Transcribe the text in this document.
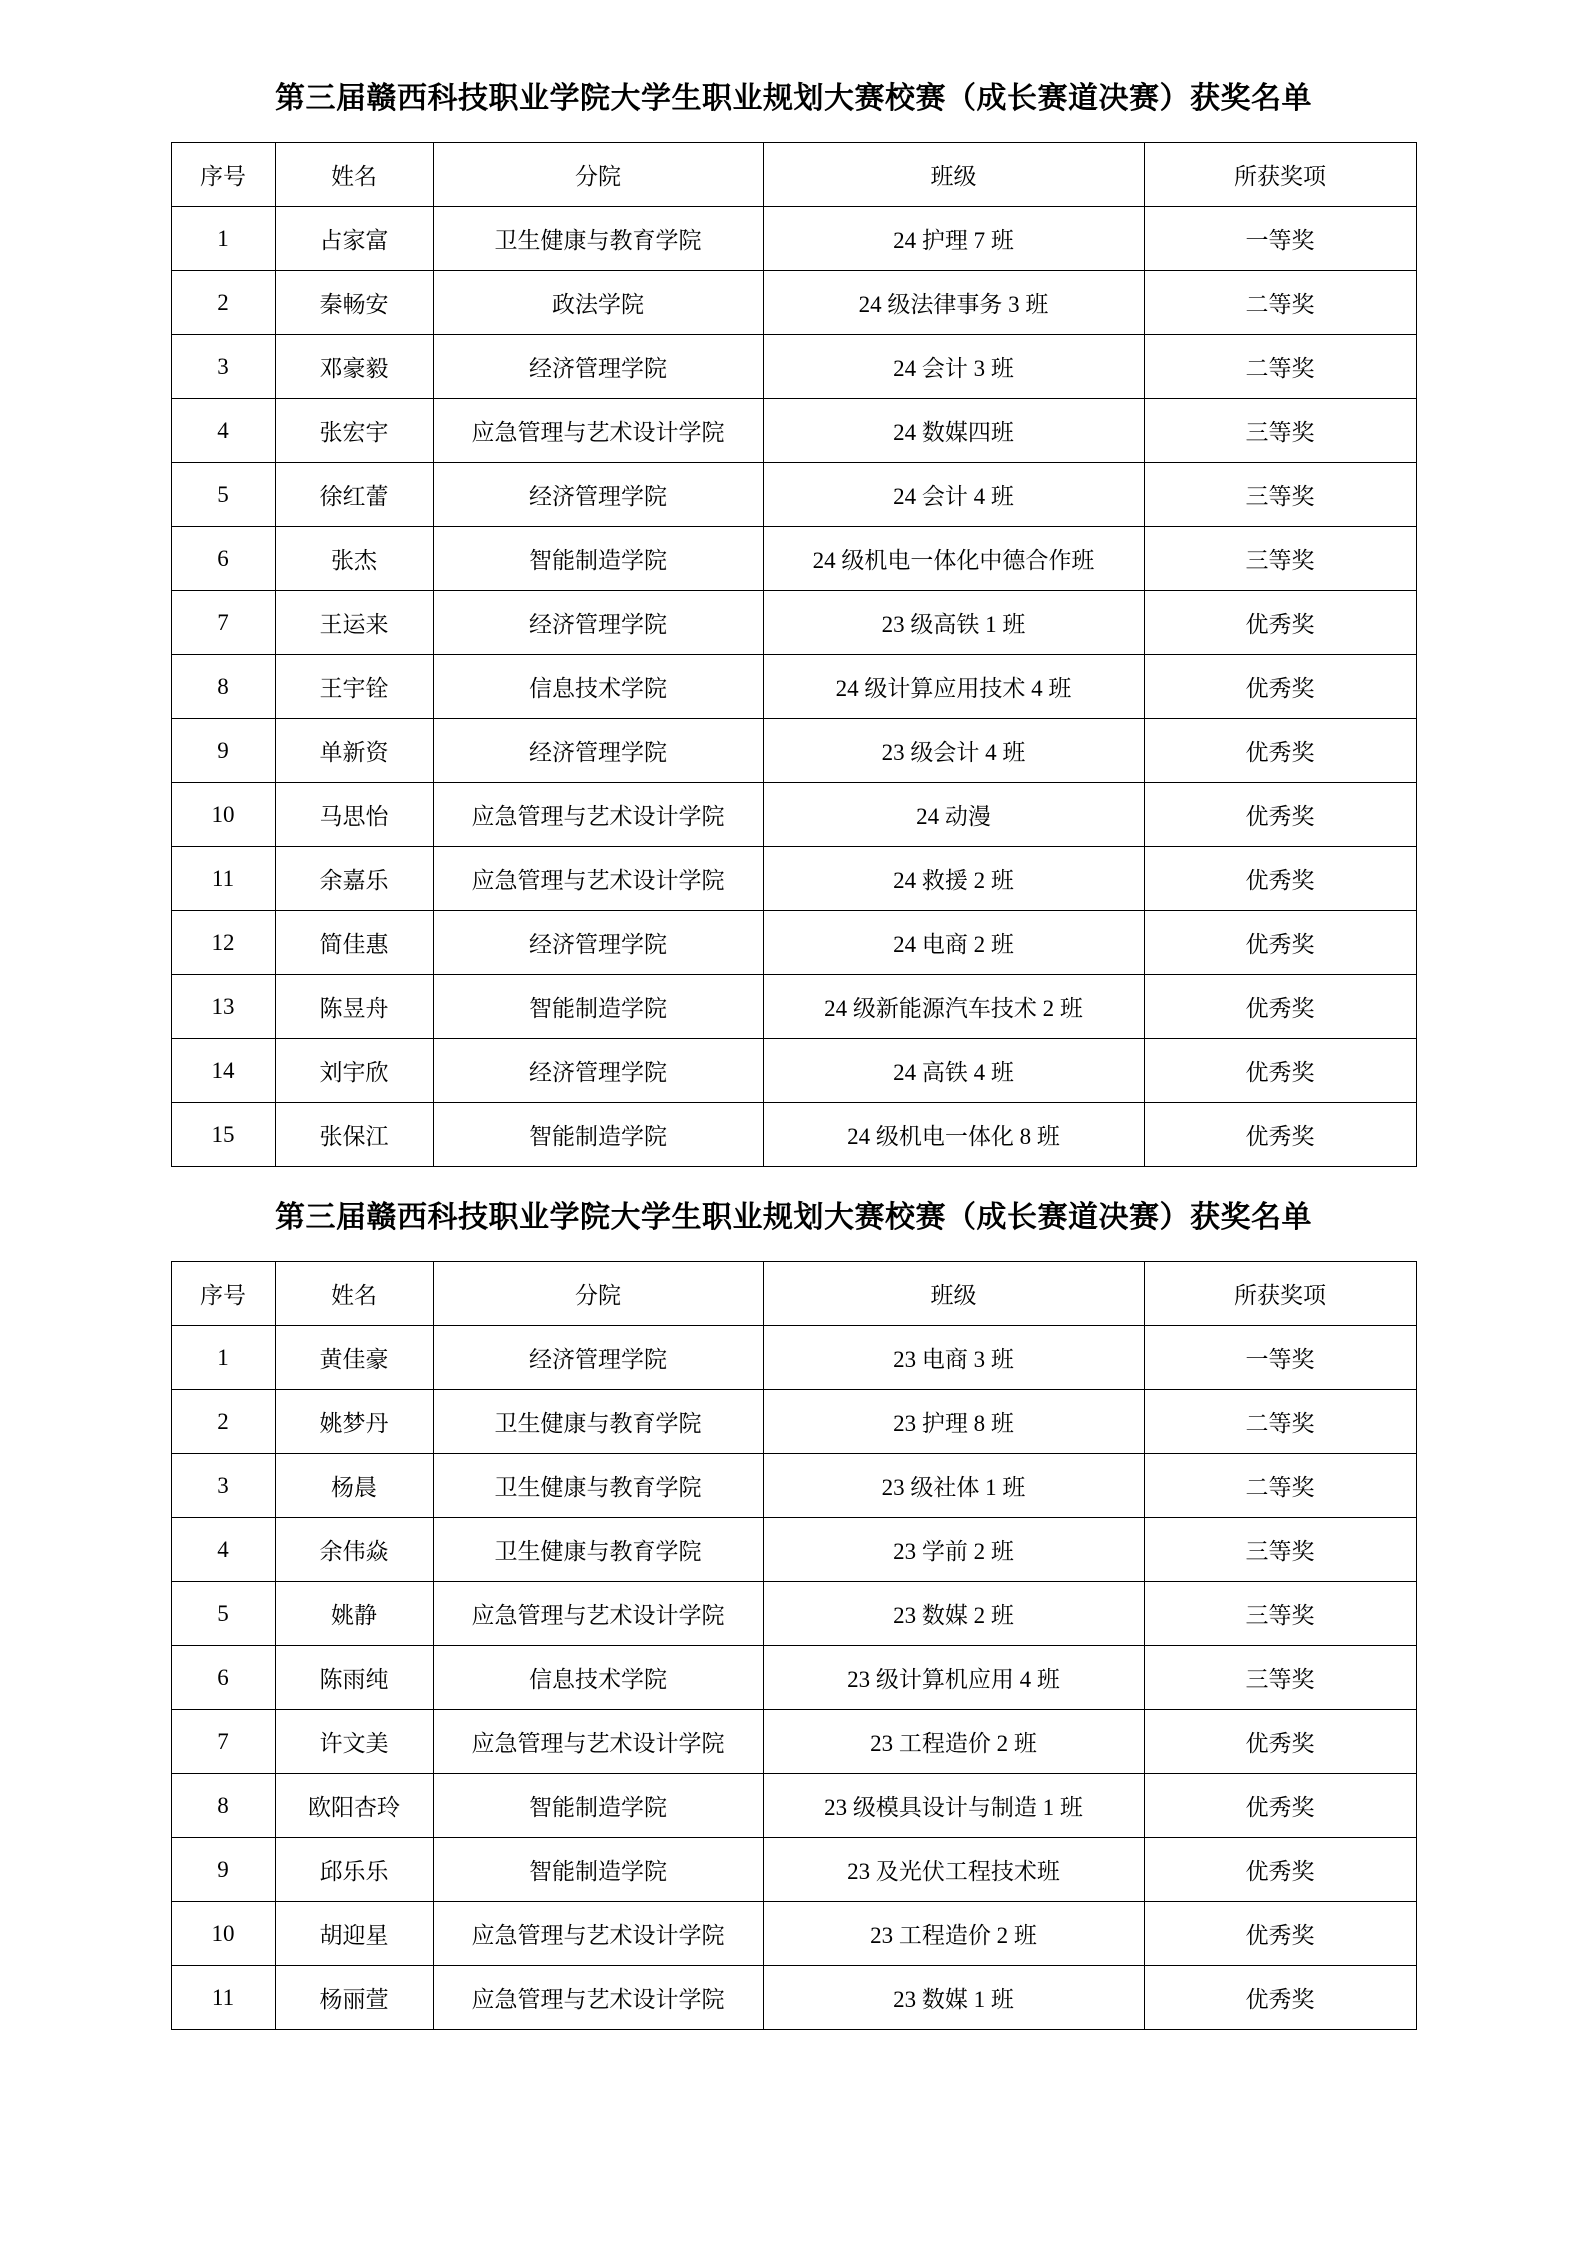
第三届赣西科技职业学院大学生职业规划大赛校赛（成长赛道决赛）获奖名单
序号	姓名	分院	班级	所获奖项
1	占家富	卫生健康与教育学院	24 护理 7 班	一等奖
2	秦畅安	政法学院	24 级法律事务 3 班	二等奖
3	邓豪毅	经济管理学院	24 会计 3 班	二等奖
4	张宏宇	应急管理与艺术设计学院	24 数媒四班	三等奖
5	徐红蕾	经济管理学院	24 会计 4 班	三等奖
6	张杰	智能制造学院	24 级机电一体化中德合作班	三等奖
7	王运来	经济管理学院	23 级高铁 1 班	优秀奖
8	王宇铨	信息技术学院	24 级计算应用技术 4 班	优秀奖
9	单新资	经济管理学院	23 级会计 4 班	优秀奖
10	马思怡	应急管理与艺术设计学院	24 动漫	优秀奖
11	余嘉乐	应急管理与艺术设计学院	24 救援 2 班	优秀奖
12	简佳惠	经济管理学院	24 电商 2 班	优秀奖
13	陈昱舟	智能制造学院	24 级新能源汽车技术 2 班	优秀奖
14	刘宇欣	经济管理学院	24 高铁 4 班	优秀奖
15	张保江	智能制造学院	24 级机电一体化 8 班	优秀奖
第三届赣西科技职业学院大学生职业规划大赛校赛（成长赛道决赛）获奖名单
序号	姓名	分院	班级	所获奖项
1	黄佳豪	经济管理学院	23 电商 3 班	一等奖
2	姚梦丹	卫生健康与教育学院	23 护理 8 班	二等奖
3	杨晨	卫生健康与教育学院	23 级社体 1 班	二等奖
4	余伟焱	卫生健康与教育学院	23 学前 2 班	三等奖
5	姚静	应急管理与艺术设计学院	23 数媒 2 班	三等奖
6	陈雨纯	信息技术学院	23 级计算机应用 4 班	三等奖
7	许文美	应急管理与艺术设计学院	23 工程造价 2 班	优秀奖
8	欧阳杏玲	智能制造学院	23 级模具设计与制造 1 班	优秀奖
9	邱乐乐	智能制造学院	23 及光伏工程技术班	优秀奖
10	胡迎星	应急管理与艺术设计学院	23 工程造价 2 班	优秀奖
11	杨丽萱	应急管理与艺术设计学院	23 数媒 1 班	优秀奖
